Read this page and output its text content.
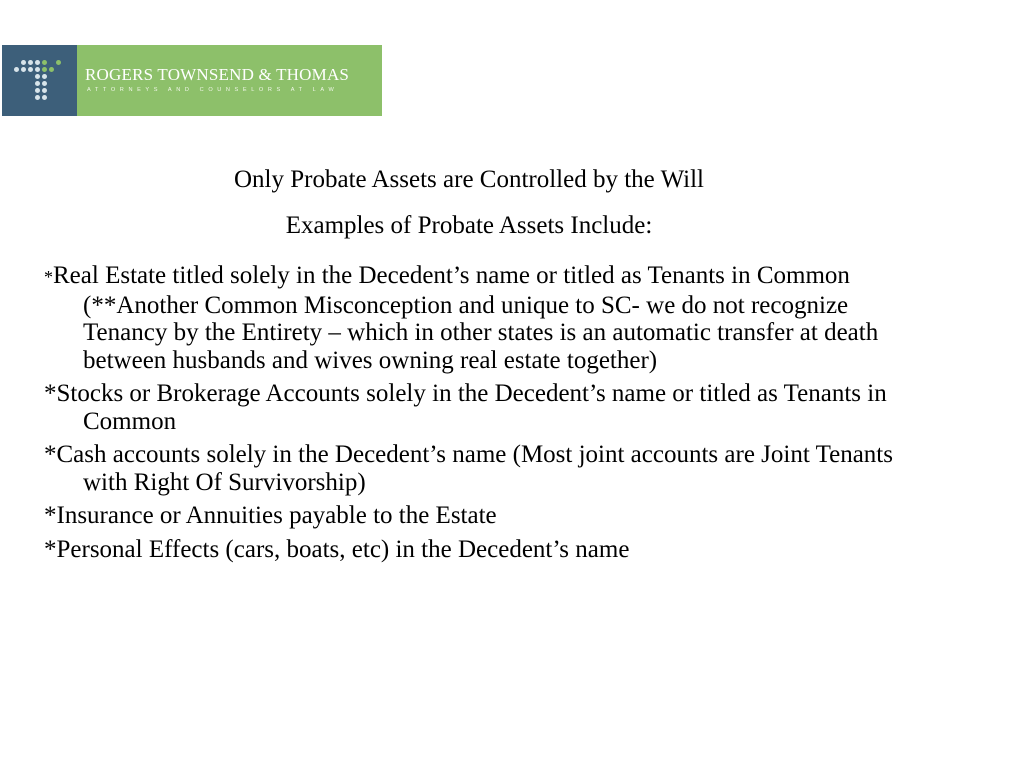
ROGERS TOWNSEND & THOMAS
ATTORNEYS AND COUNSELORS AT LAW
Only Probate Assets are Controlled by the Will
Examples of Probate Assets Include:
*Real Estate titled solely in the Decedent’s name or titled as Tenants in Common (**Another Common Misconception and unique to SC- we do not recognize Tenancy by the Entirety – which in other states is an automatic transfer at death between husbands and wives owning real estate together)
*Stocks or Brokerage Accounts solely in the Decedent’s name or titled as Tenants in Common
*Cash accounts solely in the Decedent’s name (Most joint accounts are Joint Tenants with Right Of Survivorship)
*Insurance or Annuities payable to the Estate
*Personal Effects (cars, boats, etc) in the Decedent’s name
